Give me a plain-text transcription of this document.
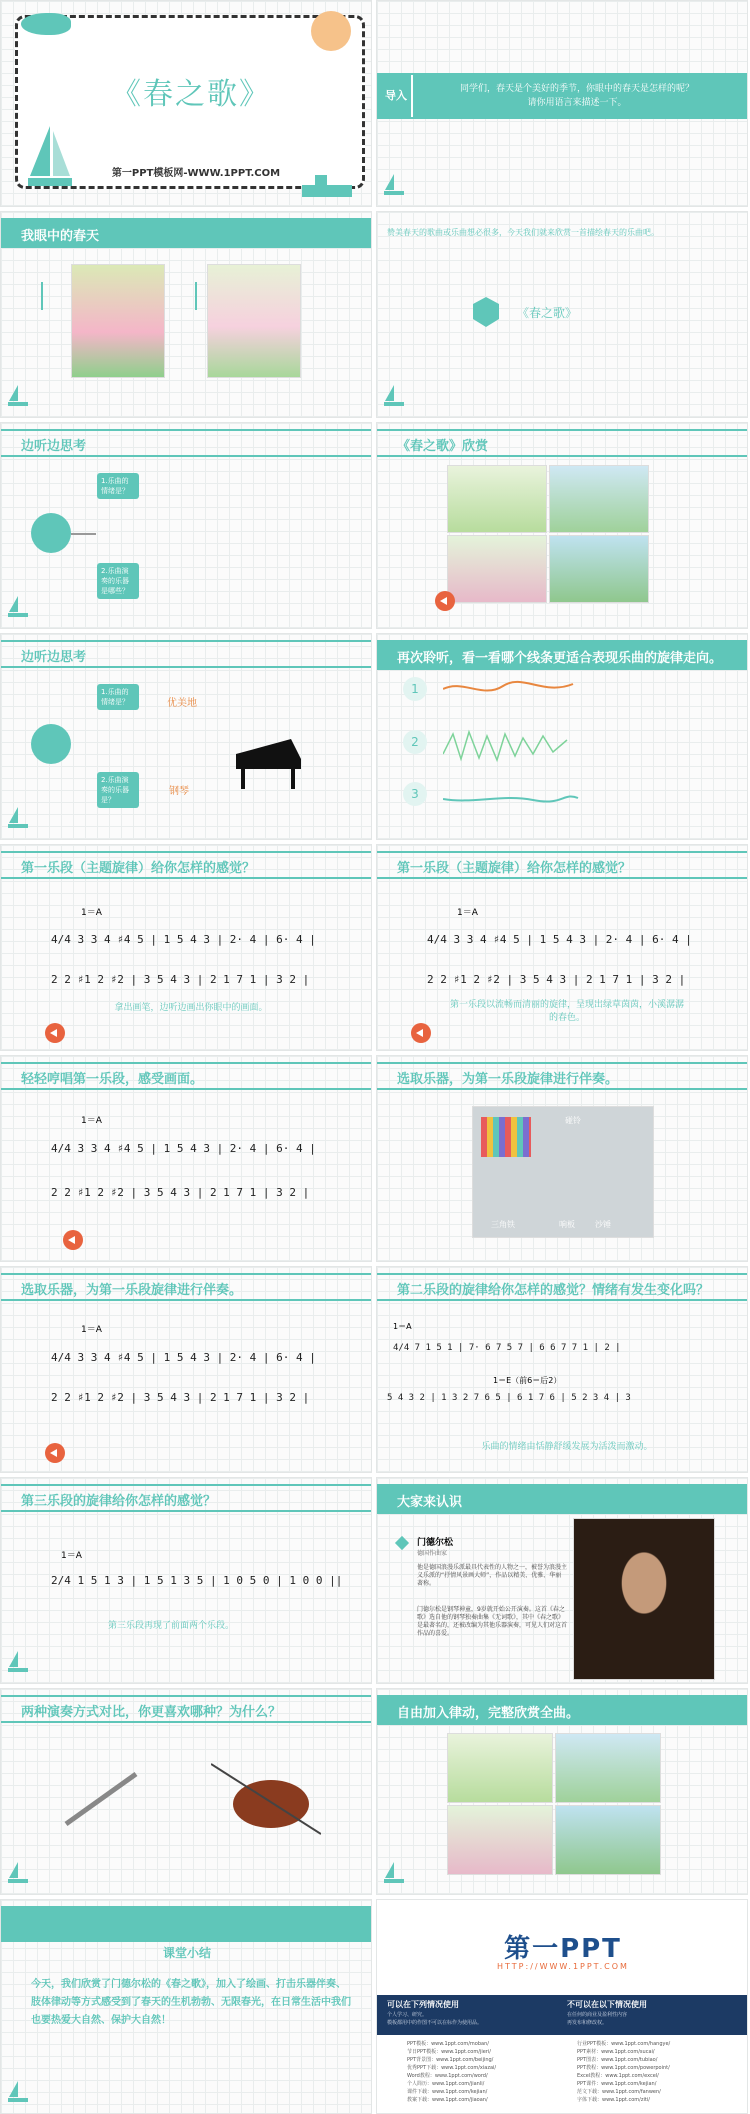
《春之歌》
第一PPT模板网-WWW.1PPT.COM
导入	同学们，春天是个美好的季节，你眼中的春天是怎样的呢？
请你用语言来描述一下。
我眼中的春天	赞美春天的歌曲或乐曲想必很多，今天我们就来欣赏一首描绘春天的乐曲吧。
《春之歌》
边听边思考
1.乐曲的情绪是？
2.乐曲演奏的乐器是哪些？
《春之歌》欣赏
边听边思考
1.乐曲的情绪是？
2.乐曲演奏的乐器是？
优美地
钢琴
再次聆听，看一看哪个线条更适合表现乐曲的旋律走向。
1
2
3
第一乐段（主题旋律）给你怎样的感觉？
1＝A
4/4 3 3 4 ♯4 5 | 1 5 4 3 | 2· 4 | 6· 4 |
2 2 ♯1 2 ♯2 | 3 5 4 3 | 2 1 7 1 | 3 2 |
拿出画笔，边听边画出你眼中的画面。
第一乐段（主题旋律）给你怎样的感觉？
1＝A
4/4 3 3 4 ♯4 5 | 1 5 4 3 | 2· 4 | 6· 4 |
2 2 ♯1 2 ♯2 | 3 5 4 3 | 2 1 7 1 | 3 2 |
第一乐段以流畅而清丽的旋律，呈现出绿草茵茵，小溪潺潺的春色。
轻轻哼唱第一乐段，感受画面。
1＝A
4/4 3 3 4 ♯4 5 | 1 5 4 3 | 2· 4 | 6· 4 |
2 2 ♯1 2 ♯2 | 3 5 4 3 | 2 1 7 1 | 3 2 |
选取乐器，为第一乐段旋律进行伴奏。
碰铃
三角铁	响板	沙锤
选取乐器，为第一乐段旋律进行伴奏。
1＝A
4/4 3 3 4 ♯4 5 | 1 5 4 3 | 2· 4 | 6· 4 |
2 2 ♯1 2 ♯2 | 3 5 4 3 | 2 1 7 1 | 3 2 |
第二乐段的旋律给你怎样的感觉？情绪有发生变化吗？
1＝A
4/4 7 1 5 1 | 7· 6 7 5 7 | 6 6 7 7 1 | 2 |
1＝E（前6＝后2）
5 4 3 2 | 1 3 2 7 6 5 | 6 1 7 6 | 5 2 3 4 | 3
乐曲的情绪由恬静舒缓发展为活泼而激动。
第三乐段的旋律给你怎样的感觉？
1＝A
2/4 1 5 1 3 | 1 5 1 3 5 | 1 0 5 0 | 1 0 0 ||
第三乐段再现了前面两个乐段。
大家来认识
门德尔松
德国作曲家
他是德国浪漫乐派最具代表性的人物之一，被誉为浪漫主义乐派的“抒情风景画大师”，作品以精美、优雅、华丽著称。
门德尔松是钢琴神童，9岁就开始公开演奏。这首《春之歌》选自他的钢琴独奏曲集《无词歌》，其中《春之歌》是最著名的，还被改编为其他乐器演奏，可见人们对这首作品的喜爱。
两种演奏方式对比，你更喜欢哪种？为什么？	自由加入律动，完整欣赏全曲。
课堂小结
今天，我们欣赏了门德尔松的《春之歌》，加入了绘画、打击乐器伴奏、肢体律动等方式感受到了春天的生机勃勃、无限春光，在日常生活中我们也要热爱大自然、保护大自然！
第一PPT
HTTP://WWW.1PPT.COM
可以在下列情况使用
个人学习、研究。
模板都用中的作图不可以在标作为使用品。
不可以在以下情况使用
在任何的商业及盈利性内容
再发布和修改权。
PPT模板：www.1ppt.com/moban/
节日PPT模板：www.1ppt.com/jieri/
PPT背景图：www.1ppt.com/beijing/
优秀PPT下载：www.1ppt.com/xiazai/
Word教程：www.1ppt.com/word/
个人简历：www.1ppt.com/jianli/
课件下载：www.1ppt.com/kejian/
教案下载：www.1ppt.com/jiaoan/
行业PPT模板：www.1ppt.com/hangye/
PPT素材：www.1ppt.com/sucai/
PPT图表：www.1ppt.com/tubiao/
PPT教程：www.1ppt.com/powerpoint/
Excel教程：www.1ppt.com/excel/
PPT课件：www.1ppt.com/kejian/
范文下载：www.1ppt.com/fanwen/
字体下载：www.1ppt.com/ziti/
